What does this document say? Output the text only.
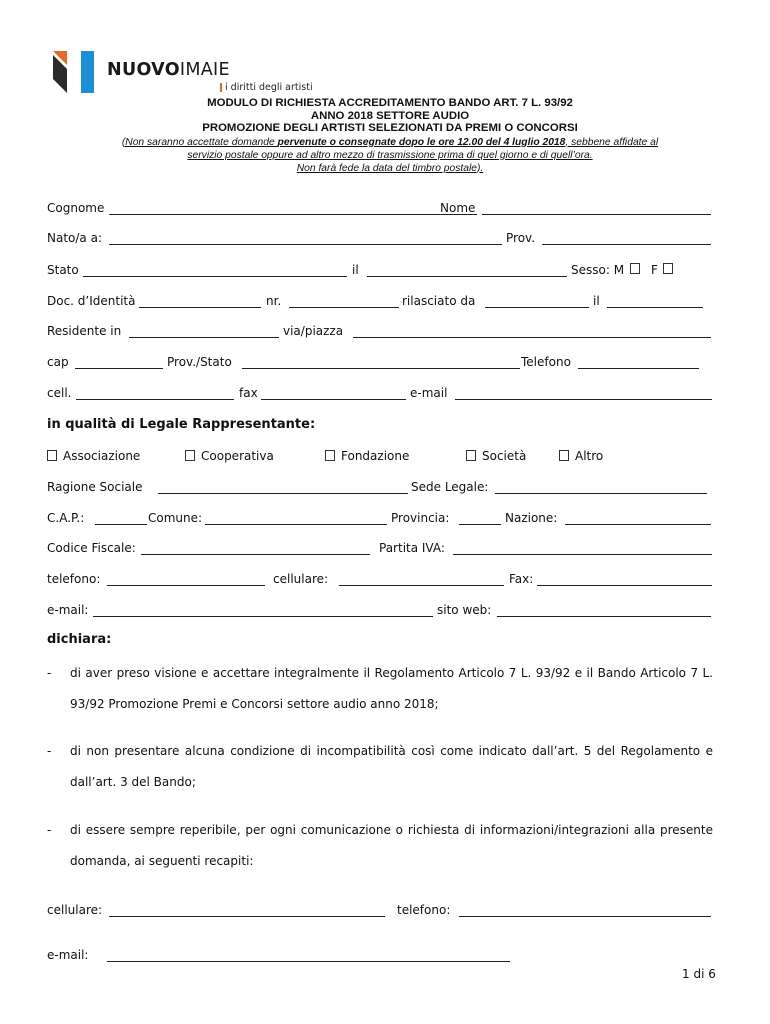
NUOVOIMAIE
i diritti degli artisti
MODULO DI RICHIESTA ACCREDITAMENTO BANDO ART. 7 L. 93/92
ANNO 2018 SETTORE AUDIO
PROMOZIONE DEGLI ARTISTI SELEZIONATI DA PREMI O CONCORSI
(Non saranno accettate domande pervenute o consegnate dopo le ore 12.00 del 4 luglio 2018, sebbene affidate al
servizio postale oppure ad altro mezzo di trasmissione prima di quel giorno e di quell’ora.
Non farà fede la data del timbro postale).
Cognome	Nome
Nato/a a:	Prov.
Stato	il	Sesso: M F
Doc. d’Identità	nr.	rilasciato da	il
Residente in	via/piazza
cap	Prov./Stato	Telefono
cell.	fax	e-mail
in qualità di Legale Rappresentante:
Associazione	Cooperativa	Fondazione	Società	Altro
Ragione Sociale	Sede Legale:
C.A.P.:	Comune:	Provincia:	Nazione:
Codice Fiscale:	Partita IVA:
telefono:	cellulare:	Fax:
e-mail:	sito web:
dichiara:
- di aver preso visione e accettare integralmente il Regolamento Articolo 7 L. 93/92 e il Bando Articolo 7 L. 93/92 Promozione Premi e Concorsi settore audio anno 2018;
- di non presentare alcuna condizione di incompatibilità così come indicato dall’art. 5 del Regolamento e dall’art. 3 del Bando;
- di essere sempre reperibile, per ogni comunicazione o richiesta di informazioni/integrazioni alla presente domanda, ai seguenti recapiti:
cellulare:	telefono:
e-mail:
1 di 6
